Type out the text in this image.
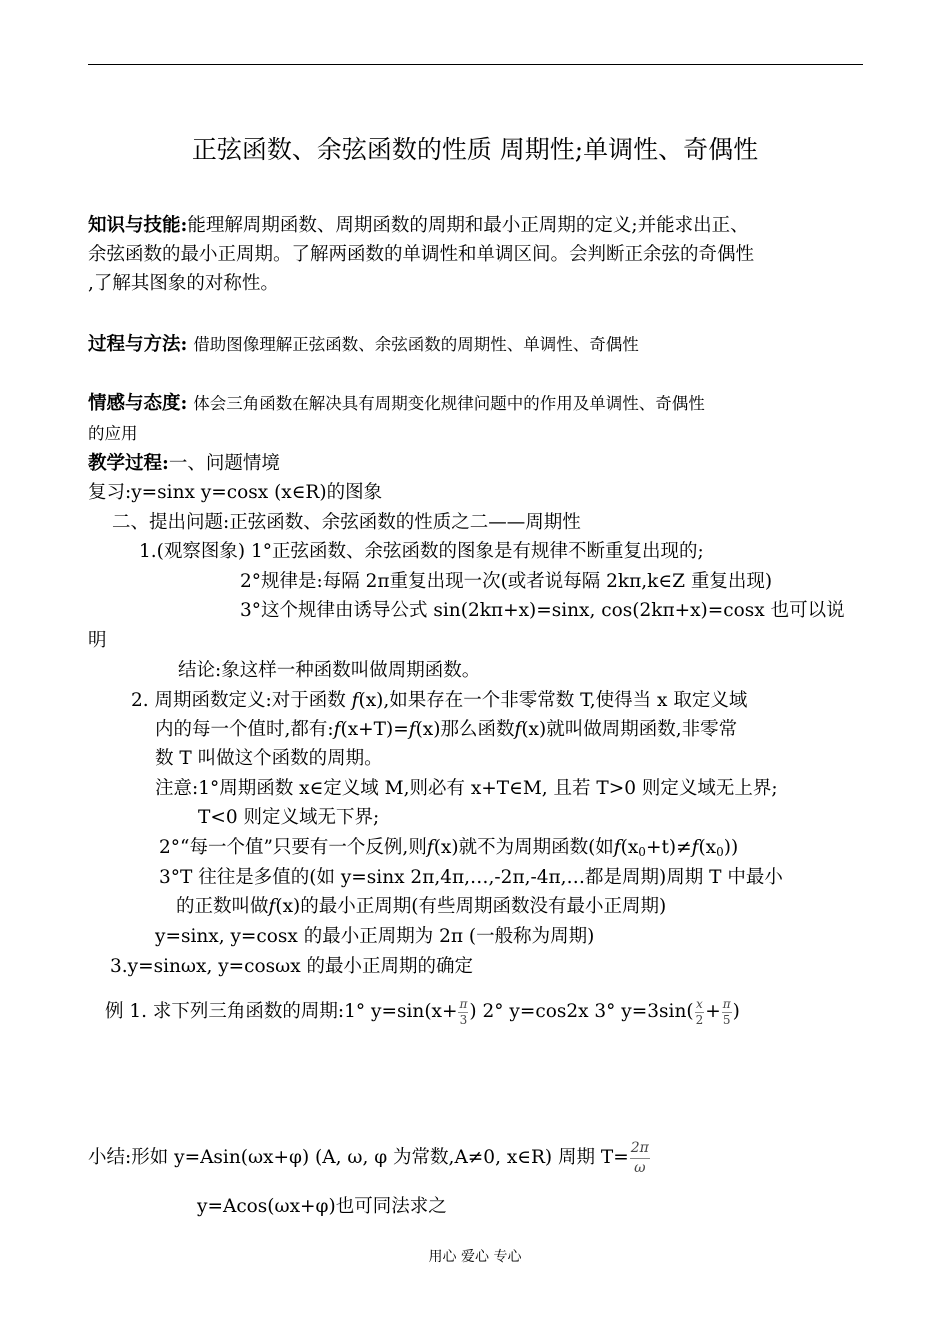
正弦函数、余弦函数的性质 周期性;单调性、奇偶性
知识与技能:能理解周期函数、周期函数的周期和最小正周期的定义;并能求出正、
余弦函数的最小正周期。了解两函数的单调性和单调区间。会判断正余弦的奇偶性
,了解其图象的对称性。
过程与方法: 借助图像理解正弦函数、余弦函数的周期性、单调性、奇偶性
情感与态度: 体会三角函数在解决具有周期变化规律问题中的作用及单调性、奇偶性
的应用
教学过程:一、问题情境
复习:y=sinx y=cosx (x∈R)的图象
二、提出问题:正弦函数、余弦函数的性质之二——周期性
1.(观察图象) 1°正弦函数、余弦函数的图象是有规律不断重复出现的;
2°规律是:每隔 2π重复出现一次(或者说每隔 2kπ,k∈Z 重复出现)
3°这个规律由诱导公式 sin(2kπ+x)=sinx, cos(2kπ+x)=cosx 也可以说
明
结论:象这样一种函数叫做周期函数。
2. 周期函数定义:对于函数 f(x),如果存在一个非零常数 T,使得当 x 取定义域
内的每一个值时,都有:f(x+T)=f(x)那么函数f(x)就叫做周期函数,非零常
数 T 叫做这个函数的周期。
注意:1°周期函数 x∈定义域 M,则必有 x+T∈M, 且若 T>0 则定义域无上界;
T<0 则定义域无下界;
2°“每一个值”只要有一个反例,则f(x)就不为周期函数(如$f(x_0+t)\ne f(x_0)$)
3°T 往往是多值的(如 y=sinx 2π,4π,…,-2π,-4π,…都是周期)周期 T 中最小
的正数叫做f(x)的最小正周期(有些周期函数没有最小正周期)
y=sinx, y=cosx 的最小正周期为 2π (一般称为周期)
3.y=sinωx, y=cosωx 的最小正周期的确定
例 1. 求下列三角函数的周期:1° $y=\sin(x+ \frac{\pi}{3}$ ) 2° y=cos2x 3° $y=3\sin( \frac{x}{2} + \frac{\pi}{5}$ )
小结:形如 y=Asin(ωx+φ) (A, ω, φ 为常数,A≠0, x∈R) 周期 $T= \frac{2\pi}{\omega}$
y=Acos(ωx+φ)也可同法求之
用心 爱心 专心
